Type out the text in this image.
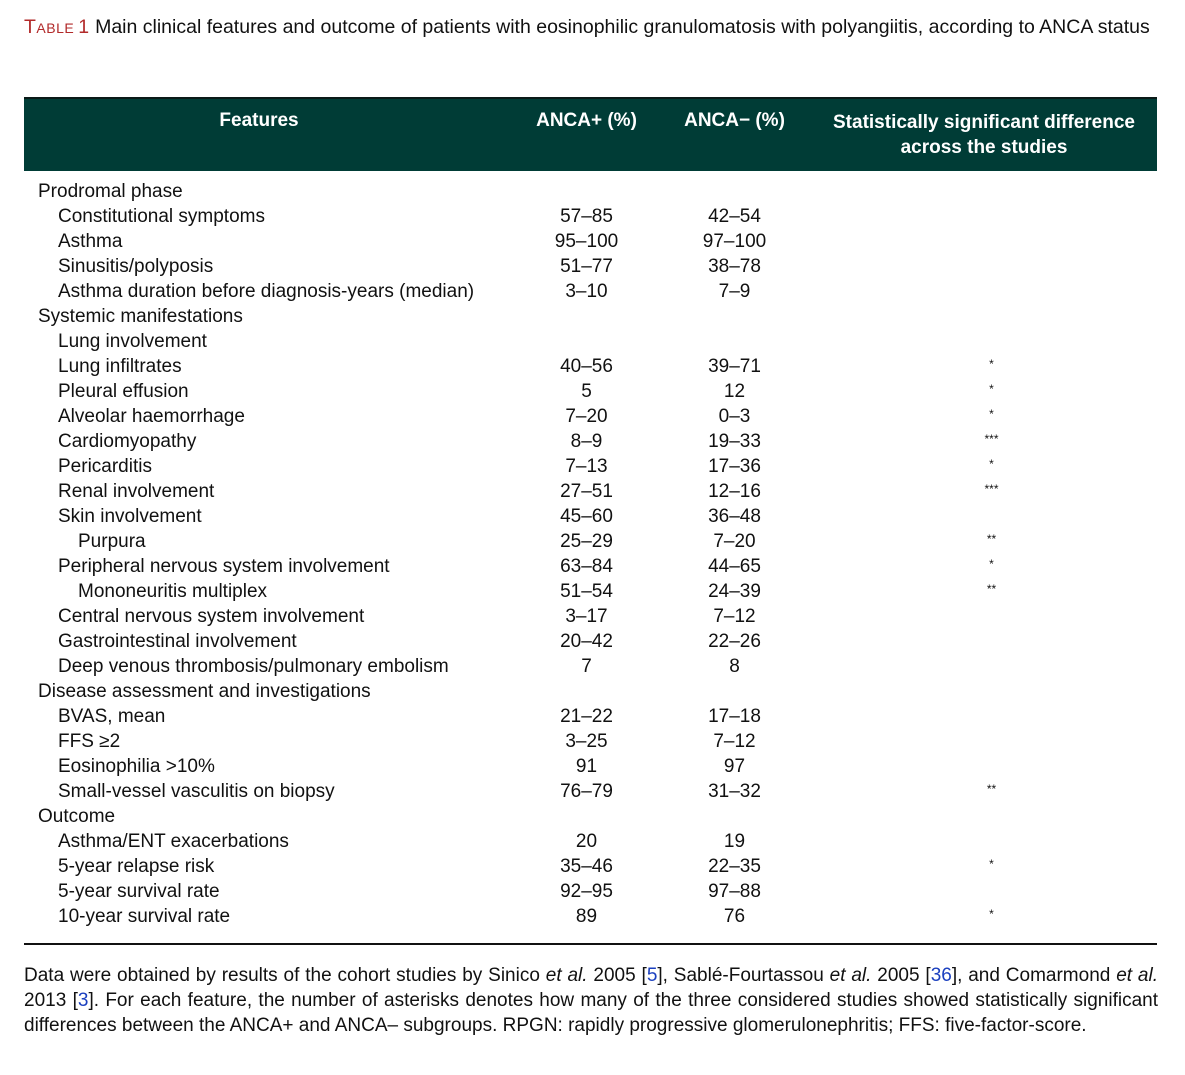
Table 1 Main clinical features and outcome of patients with eosinophilic granulomatosis with polyangiitis, according to ANCA status
Features	ANCA+ (%)	ANCA− (%)	Statistically significant difference across the studies
Prodromal phase
Constitutional symptoms	57–85	42–54
Asthma	95–100	97–100
Sinusitis/polyposis	51–77	38–78
Asthma duration before diagnosis-years (median)	3–10	7–9
Systemic manifestations
Lung involvement
Lung infiltrates	40–56	39–71	*
Pleural effusion	5	12	*
Alveolar haemorrhage	7–20	0–3	*
Cardiomyopathy	8–9	19–33	***
Pericarditis	7–13	17–36	*
Renal involvement	27–51	12–16	***
Skin involvement	45–60	36–48
Purpura	25–29	7–20	**
Peripheral nervous system involvement	63–84	44–65	*
Mononeuritis multiplex	51–54	24–39	**
Central nervous system involvement	3–17	7–12
Gastrointestinal involvement	20–42	22–26
Deep venous thrombosis/pulmonary embolism	7	8
Disease assessment and investigations
BVAS, mean	21–22	17–18
FFS ≥2	3–25	7–12
Eosinophilia >10%	91	97
Small-vessel vasculitis on biopsy	76–79	31–32	**
Outcome
Asthma/ENT exacerbations	20	19
5-year relapse risk	35–46	22–35	*
5-year survival rate	92–95	97–88
10-year survival rate	89	76	*
Data were obtained by results of the cohort studies by Sinico et al. 2005 [5], Sablé-Fourtassou et al. 2005 [36], and Comarmond et al. 2013 [3]. For each feature, the number of asterisks denotes how many of the three considered studies showed statistically significant differences between the ANCA+ and ANCA– subgroups. RPGN: rapidly progressive glomerulonephritis; FFS: five-factor-score.
